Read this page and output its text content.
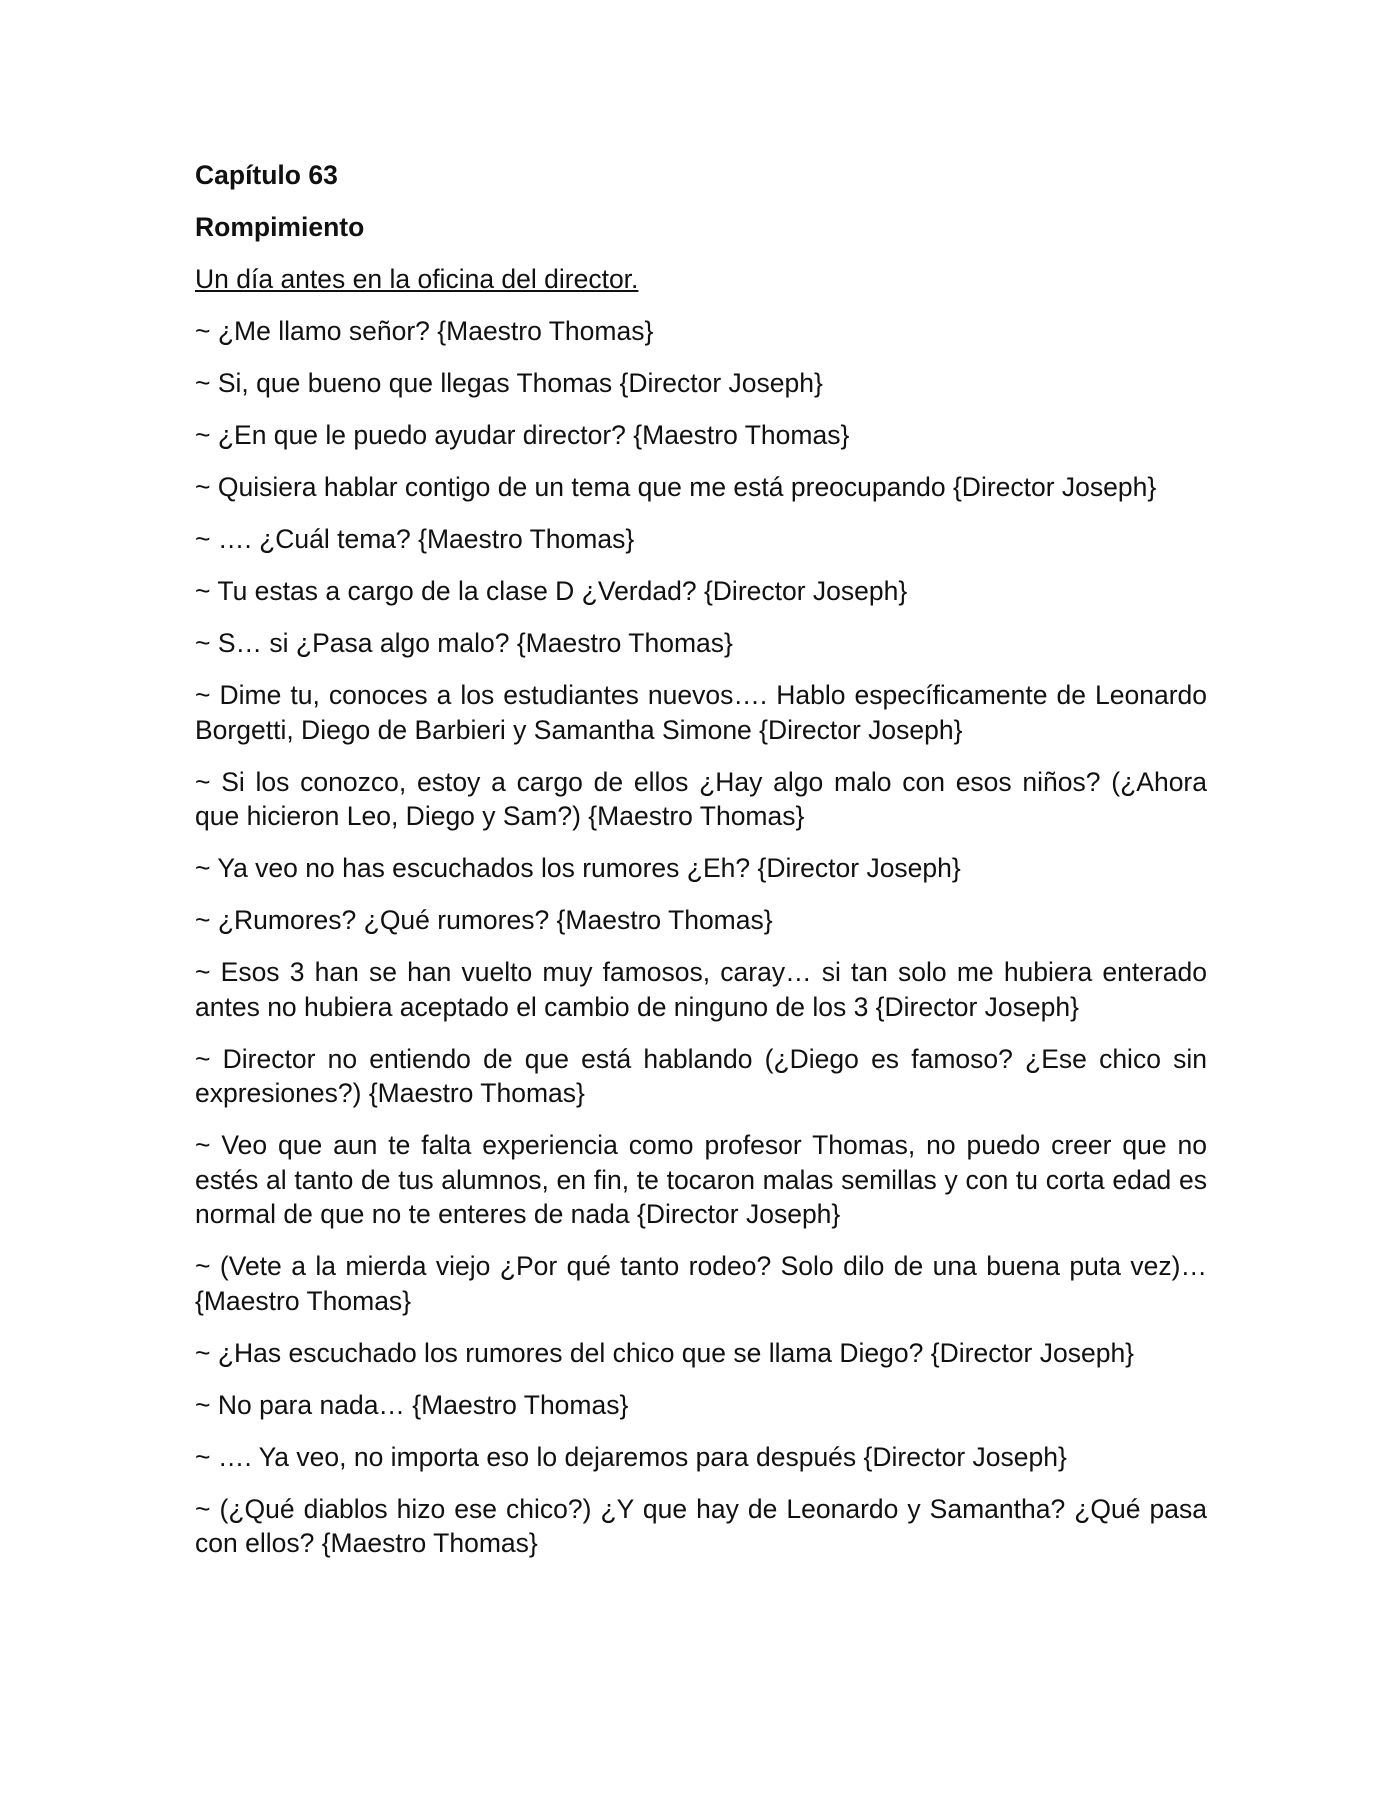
Capítulo 63
Rompimiento
Un día antes en la oficina del director.

~ ¿Me llamo señor? {Maestro Thomas}

~ Si, que bueno que llegas Thomas {Director Joseph}

~ ¿En que le puedo ayudar director? {Maestro Thomas}

~ Quisiera hablar contigo de un tema que me está preocupando {Director Joseph}

~ …. ¿Cuál tema? {Maestro Thomas}

~ Tu estas a cargo de la clase D ¿Verdad? {Director Joseph}

~ S… si ¿Pasa algo malo? {Maestro Thomas}

~ Dime tu, conoces a los estudiantes nuevos…. Hablo específicamente de Leonardo Borgetti, Diego de Barbieri y Samantha Simone {Director Joseph}

~ Si los conozco, estoy a cargo de ellos ¿Hay algo malo con esos niños? (¿Ahora que hicieron Leo, Diego y Sam?) {Maestro Thomas}

~ Ya veo no has escuchados los rumores ¿Eh? {Director Joseph}

~ ¿Rumores? ¿Qué rumores? {Maestro Thomas}

~ Esos 3 han se han vuelto muy famosos, caray… si tan solo me hubiera enterado antes no hubiera aceptado el cambio de ninguno de los 3 {Director Joseph}

~ Director no entiendo de que está hablando (¿Diego es famoso? ¿Ese chico sin expresiones?) {Maestro Thomas}

~ Veo que aun te falta experiencia como profesor Thomas, no puedo creer que no estés al tanto de tus alumnos, en fin, te tocaron malas semillas y con tu corta edad es normal de que no te enteres de nada {Director Joseph}

~ (Vete a la mierda viejo ¿Por qué tanto rodeo? Solo dilo de una buena puta vez)… {Maestro Thomas}

~ ¿Has escuchado los rumores del chico que se llama Diego? {Director Joseph}

~ No para nada… {Maestro Thomas}

~ …. Ya veo, no importa eso lo dejaremos para después {Director Joseph}

~ (¿Qué diablos hizo ese chico?) ¿Y que hay de Leonardo y Samantha? ¿Qué pasa con ellos? {Maestro Thomas}
